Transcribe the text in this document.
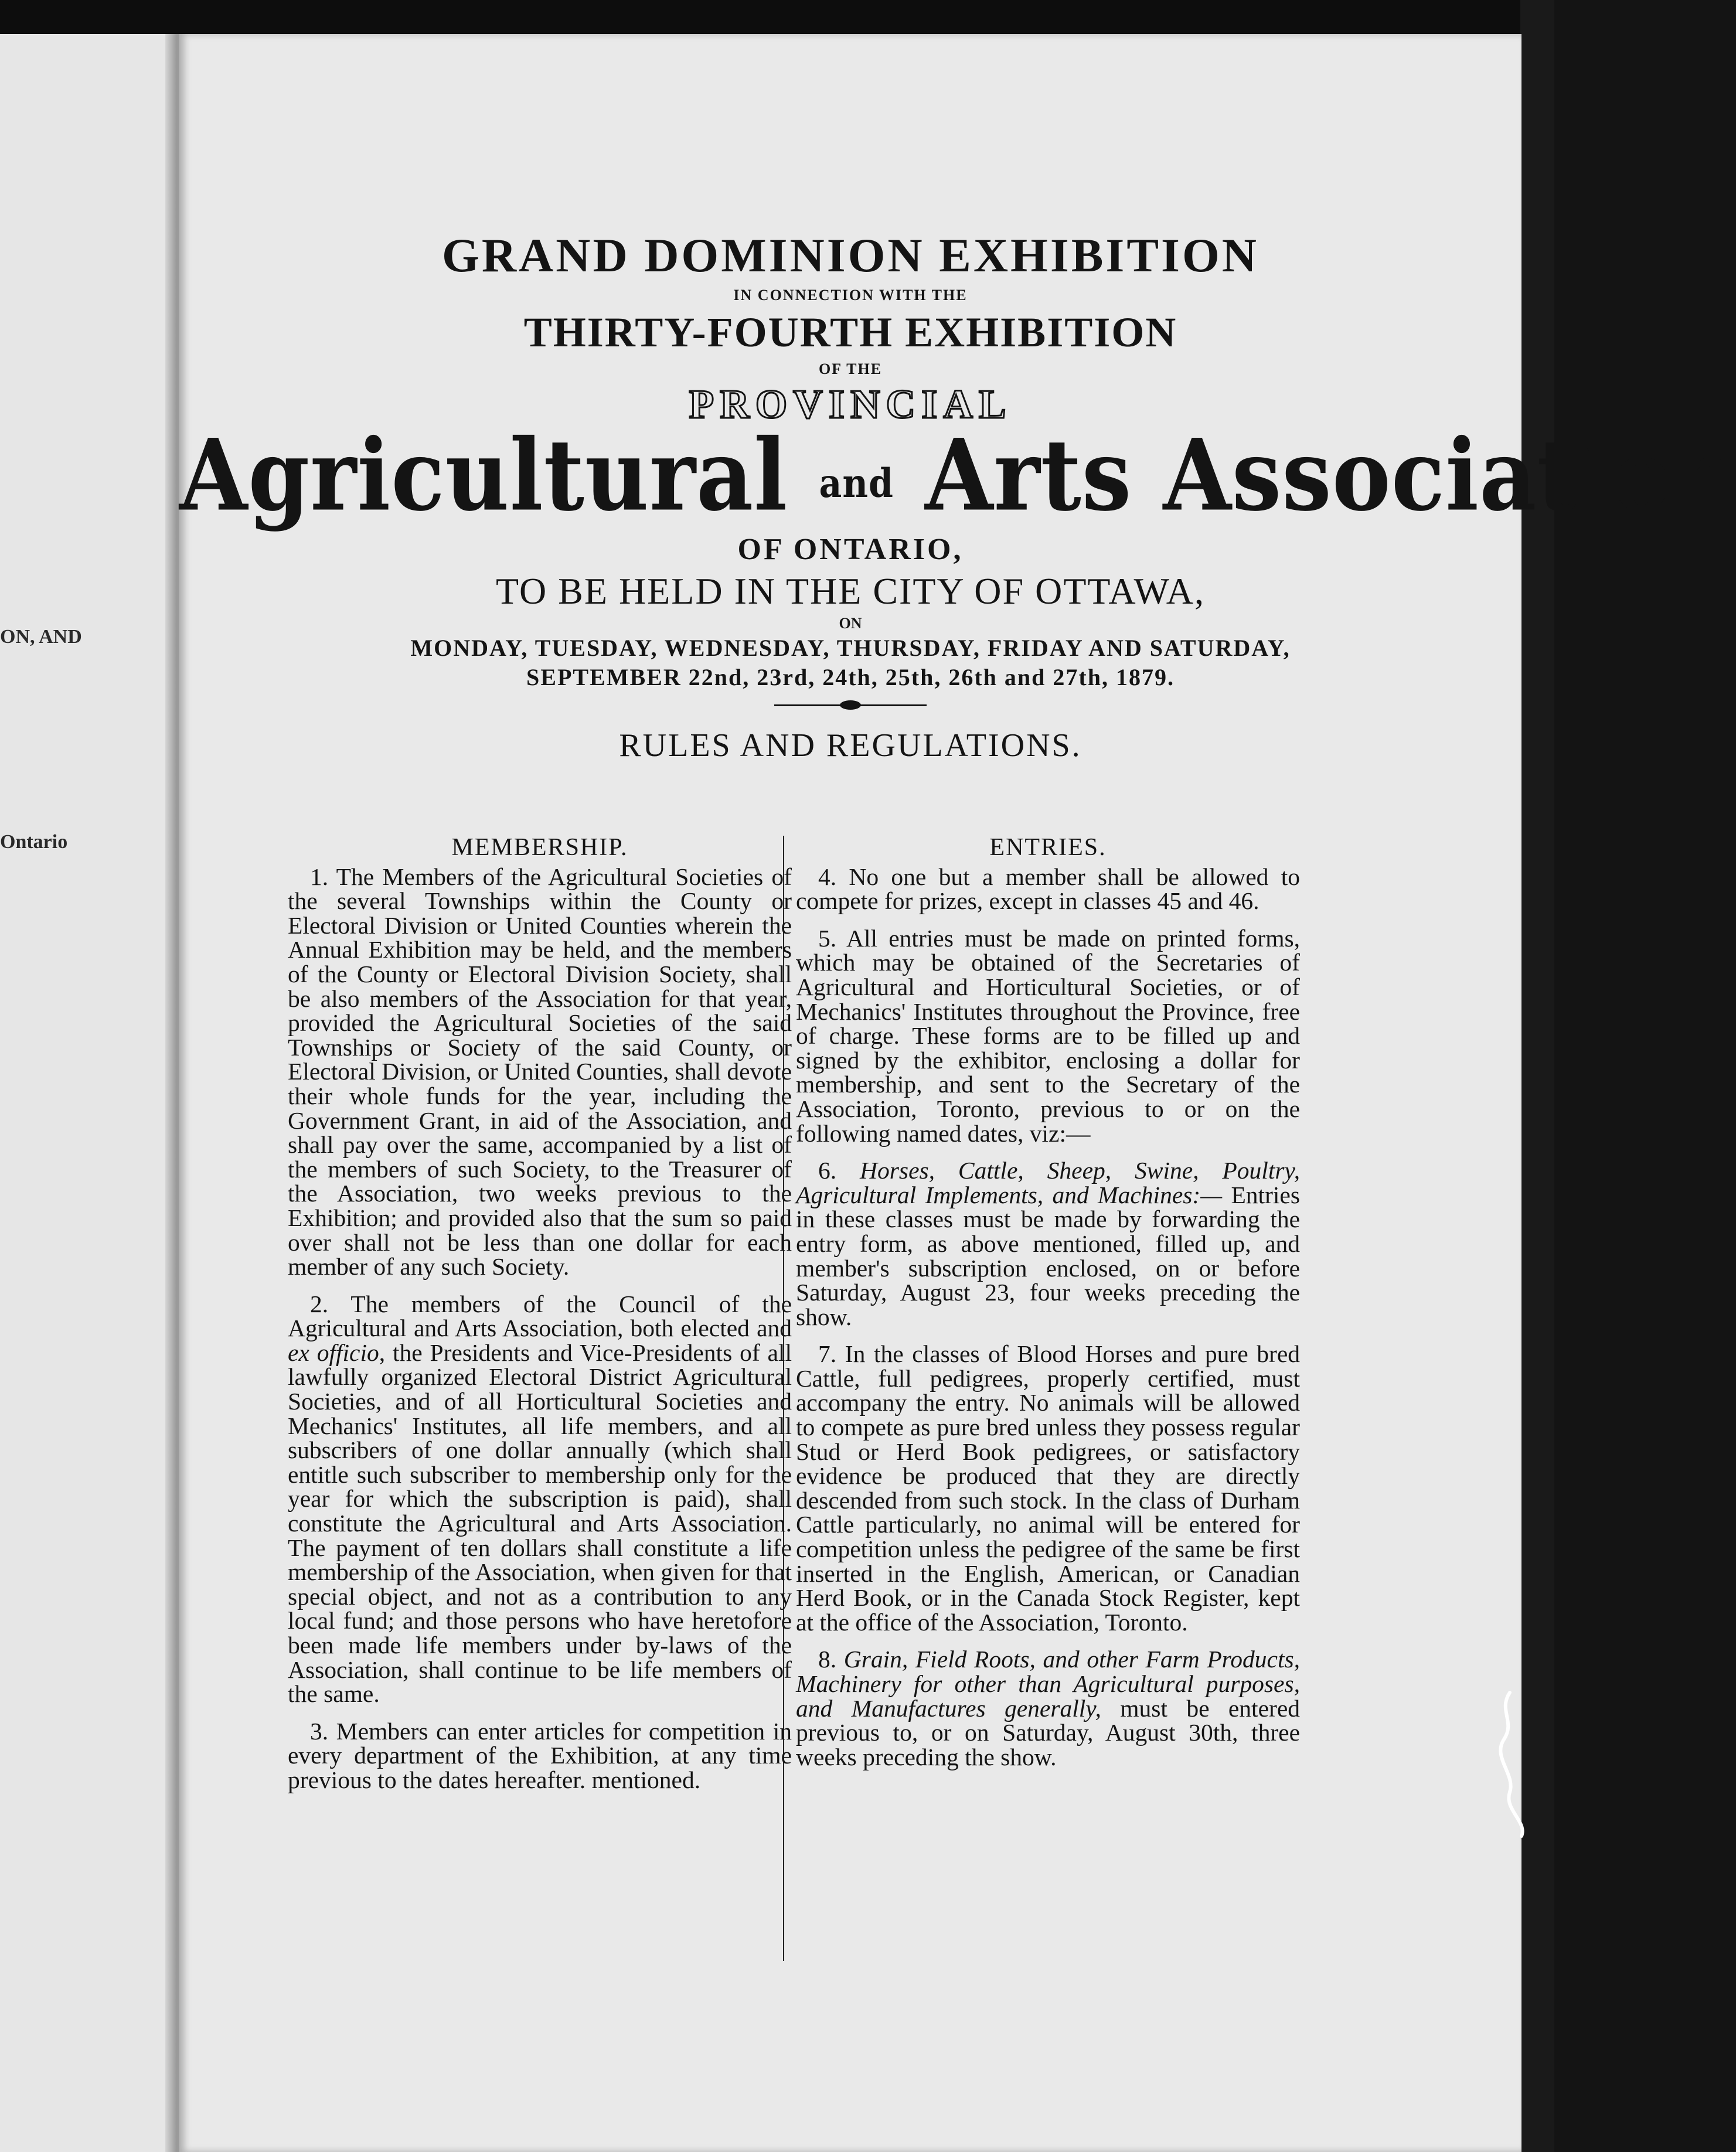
ON, AND
Ontario
GRAND DOMINION EXHIBITION
IN CONNECTION WITH THE
THIRTY-FOURTH EXHIBITION
OF THE
PROVINCIAL
Agricultural and Arts Association
OF ONTARIO,
TO BE HELD IN THE CITY OF OTTAWA,
ON
MONDAY, TUESDAY, WEDNESDAY, THURSDAY, FRIDAY AND SATURDAY,
SEPTEMBER 22nd, 23rd, 24th, 25th, 26th and 27th, 1879.
RULES AND REGULATIONS.
MEMBERSHIP.

1. The Members of the Agricultural Societies of the several Townships within the County or Electoral Division or United Counties wherein the Annual Exhibition may be held, and the members of the County or Electoral Division Society, shall be also members of the Association for that year, provided the Agricultural Societies of the said Townships or Society of the said County, or Electoral Division, or United Counties, shall devote their whole funds for the year, including the Government Grant, in aid of the Association, and shall pay over the same, accompanied by a list of the members of such Society, to the Treasurer of the Association, two weeks previous to the Exhibition; and provided also that the sum so paid over shall not be less than one dollar for each member of any such Society.

2. The members of the Council of the Agricultural and Arts Association, both elected and ex officio, the Presidents and Vice-Presidents of all lawfully organized Electoral District Agricultural Societies, and of all Horticultural Societies and Mechanics' Institutes, all life members, and all subscribers of one dollar annually (which shall entitle such subscriber to membership only for the year for which the subscription is paid), shall constitute the Agricultural and Arts Association. The payment of ten dollars shall constitute a life membership of the Association, when given for that special object, and not as a contribution to any local fund; and those persons who have heretofore been made life members under by-laws of the Association, shall continue to be life members of the same.

3. Members can enter articles for competition in every department of the Exhibition, at any time previous to the dates hereafter. mentioned.

ENTRIES.

4. No one but a member shall be allowed to compete for prizes, except in classes 45 and 46.

5. All entries must be made on printed forms, which may be obtained of the Secretaries of Agricultural and Horticultural Societies, or of Mechanics' Institutes throughout the Province, free of charge. These forms are to be filled up and signed by the exhibitor, enclosing a dollar for membership, and sent to the Secretary of the Association, Toronto, previous to or on the following named dates, viz:—

6. Horses, Cattle, Sheep, Swine, Poultry, Agricultural Implements, and Machines:— Entries in these classes must be made by forwarding the entry form, as above mentioned, filled up, and member's subscription enclosed, on or before Saturday, August 23, four weeks preceding the show.

7. In the classes of Blood Horses and pure bred Cattle, full pedigrees, properly certified, must accompany the entry. No animals will be allowed to compete as pure bred unless they possess regular Stud or Herd Book pedigrees, or satisfactory evidence be produced that they are directly descended from such stock. In the class of Durham Cattle particularly, no animal will be entered for competition unless the pedigree of the same be first inserted in the English, American, or Canadian Herd Book, or in the Canada Stock Register, kept at the office of the Association, Toronto.

8. Grain, Field Roots, and other Farm Products, Machinery for other than Agricultural purposes, and Manufactures generally, must be entered previous to, or on Saturday, August 30th, three weeks preceding the show.
